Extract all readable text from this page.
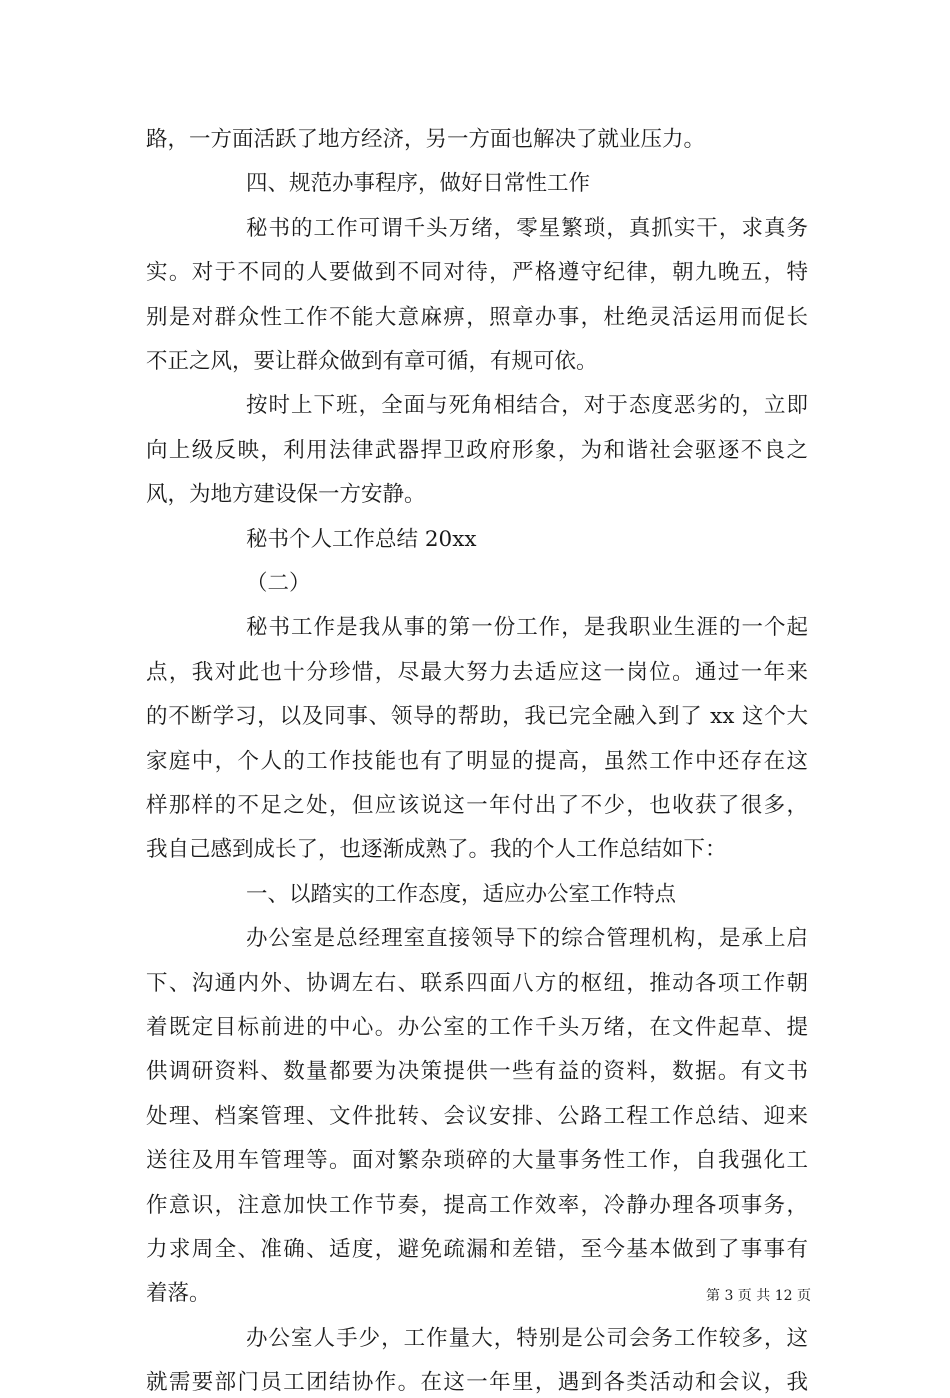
路，一方面活跃了地方经济，另一方面也解决了就业压力。
四、规范办事程序，做好日常性工作
秘书的工作可谓千头万绪，零星繁琐，真抓实干，求真务
实。对于不同的人要做到不同对待，严格遵守纪律，朝九晚五，特
别是对群众性工作不能大意麻痹，照章办事，杜绝灵活运用而促长
不正之风，要让群众做到有章可循，有规可依。
按时上下班，全面与死角相结合，对于态度恶劣的，立即
向上级反映，利用法律武器捍卫政府形象，为和谐社会驱逐不良之
风，为地方建设保一方安静。
秘书个人工作总结 20xx
（二）
秘书工作是我从事的第一份工作，是我职业生涯的一个起
点，我对此也十分珍惜，尽最大努力去适应这一岗位。通过一年来
的不断学习，以及同事、领导的帮助，我已完全融入到了 xx 这个大
家庭中，个人的工作技能也有了明显的提高，虽然工作中还存在这
样那样的不足之处，但应该说这一年付出了不少，也收获了很多，
我自己感到成长了，也逐渐成熟了。我的个人工作总结如下：
一、以踏实的工作态度，适应办公室工作特点
办公室是总经理室直接领导下的综合管理机构，是承上启
下、沟通内外、协调左右、联系四面八方的枢纽，推动各项工作朝
着既定目标前进的中心。办公室的工作千头万绪，在文件起草、提
供调研资料、数量都要为决策提供一些有益的资料，数据。有文书
处理、档案管理、文件批转、会议安排、公路工程工作总结、迎来
送往及用车管理等。面对繁杂琐碎的大量事务性工作，自我强化工
作意识，注意加快工作节奏，提高工作效率，冷静办理各项事务，
力求周全、准确、适度，避免疏漏和差错，至今基本做到了事事有
着落。
办公室人手少，工作量大，特别是公司会务工作较多，这
就需要部门员工团结协作。在这一年里，遇到各类活动和会议，我
第 3 页 共 12 页
